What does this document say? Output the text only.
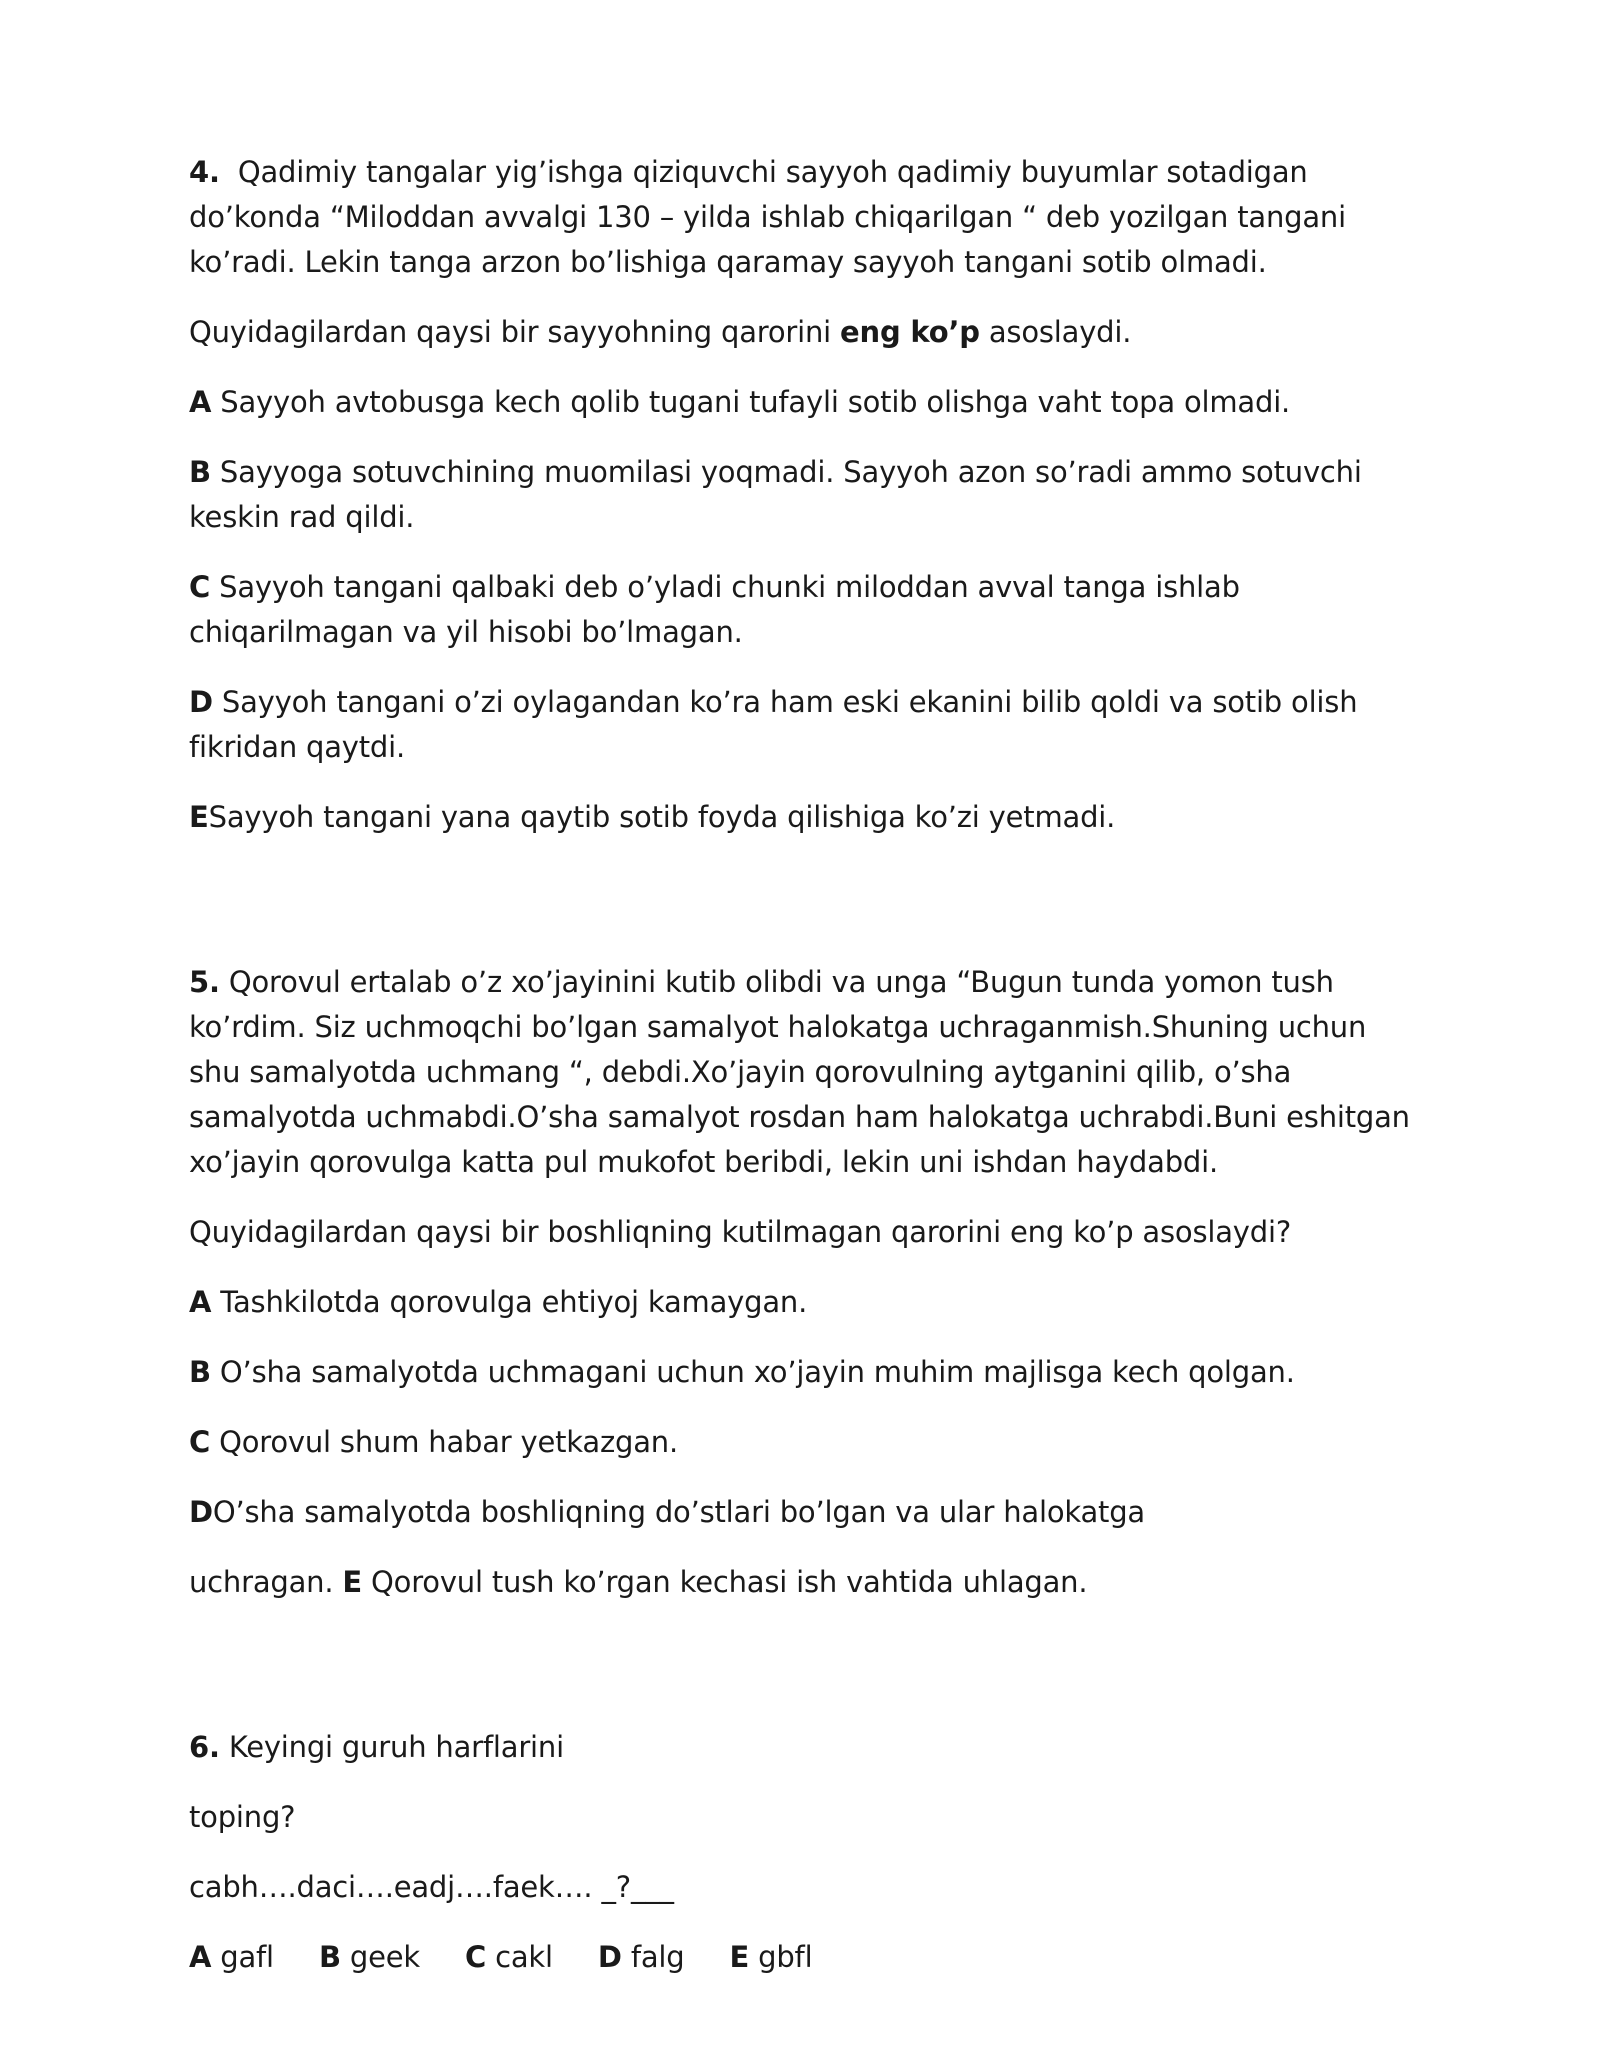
4. Qadimiy tangalar yig’ishga qiziquvchi sayyoh qadimiy buyumlar sotadigan
do’konda “Miloddan avvalgi 130 – yilda ishlab chiqarilgan “ deb yozilgan tangani
ko’radi. Lekin tanga arzon bo’lishiga qaramay sayyoh tangani sotib olmadi.

Quyidagilardan qaysi bir sayyohning qarorini eng ko’p asoslaydi.

A Sayyoh avtobusga kech qolib tugani tufayli sotib olishga vaht topa olmadi.

B Sayyoga sotuvchining muomilasi yoqmadi. Sayyoh azon so’radi ammo sotuvchi keskin rad qildi.

C Sayyoh tangani qalbaki deb o’yladi chunki miloddan avval tanga ishlab chiqarilmagan va yil hisobi bo’lmagan.

D Sayyoh tangani o’zi oylagandan ko’ra ham eski ekanini bilib qoldi va sotib olish fikridan qaytdi.

ESayyoh tangani yana qaytib sotib foyda qilishiga ko’zi yetmadi.

5. Qorovul ertalab o’z xo’jayinini kutib olibdi va unga “Bugun tunda yomon tush ko’rdim. Siz uchmoqchi bo’lgan samalyot halokatga uchraganmish.Shuning uchun shu samalyotda uchmang “, debdi.Xo’jayin qorovulning aytganini qilib, o’sha samalyotda uchmabdi.O’sha samalyot rosdan ham halokatga uchrabdi.Buni eshitgan xo’jayin qorovulga katta pul mukofot beribdi, lekin uni ishdan haydabdi.

Quyidagilardan qaysi bir boshliqning kutilmagan qarorini eng ko’p asoslaydi?

A Tashkilotda qorovulga ehtiyoj kamaygan.

B O’sha samalyotda uchmagani uchun xo’jayin muhim majlisga kech qolgan.

C Qorovul shum habar yetkazgan.

DO’sha samalyotda boshliqning do’stlari bo’lgan va ular halokatga

uchragan. E Qorovul tush ko’rgan kechasi ish vahtida uhlagan.

6. Keyingi guruh harflarini

toping?

cabh….daci….eadj….faek…. _?___

A gafl B geek C cakl D falg E gbfl
